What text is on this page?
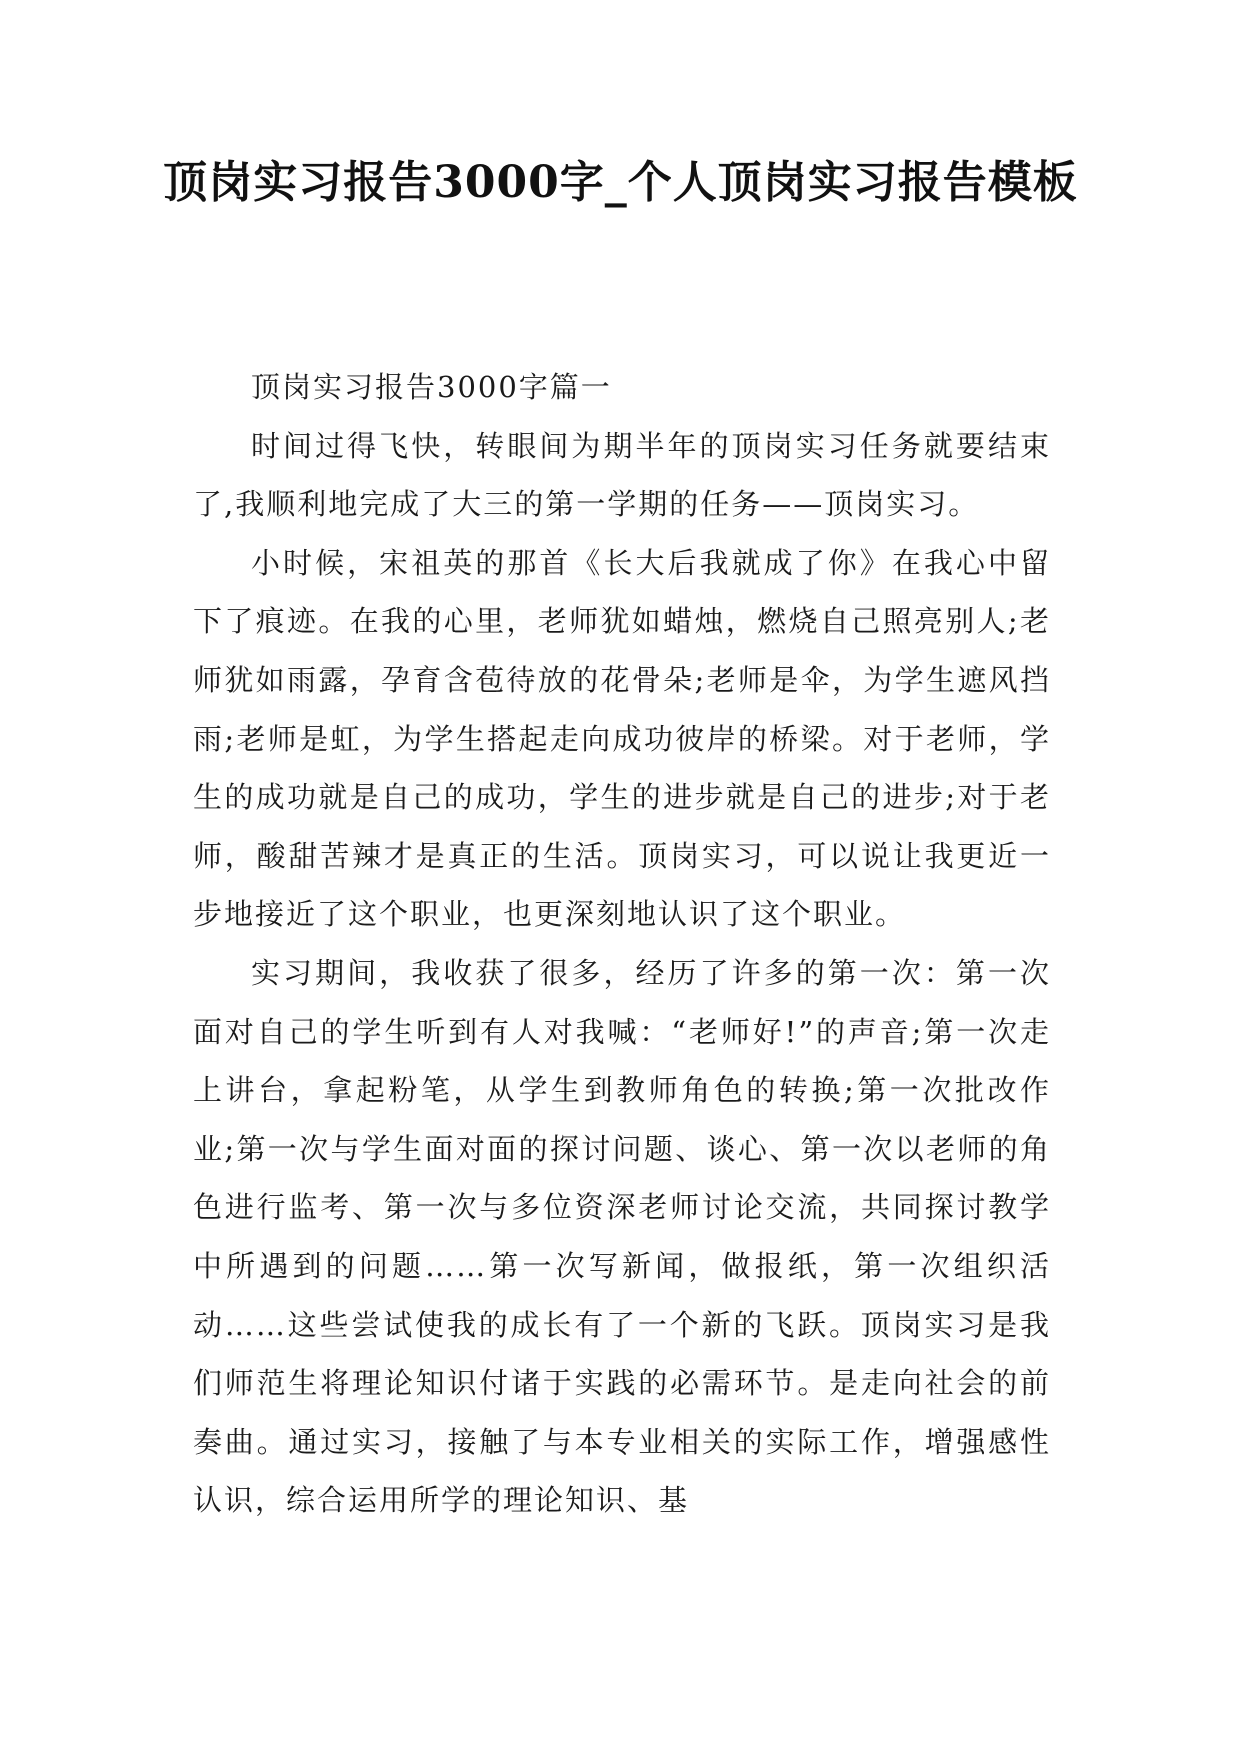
顶岗实习报告3000字_个人顶岗实习报告模板

顶岗实习报告3000字篇一

时间过得飞快，转眼间为期半年的顶岗实习任务就要结束了,我顺利地完成了大三的第一学期的任务——顶岗实习。

小时候，宋祖英的那首《长大后我就成了你》在我心中留下了痕迹。在我的心里，老师犹如蜡烛，燃烧自己照亮别人;老师犹如雨露，孕育含苞待放的花骨朵;老师是伞，为学生遮风挡雨;老师是虹，为学生搭起走向成功彼岸的桥梁。对于老师，学生的成功就是自己的成功，学生的进步就是自己的进步;对于老师，酸甜苦辣才是真正的生活。顶岗实习，可以说让我更近一步地接近了这个职业，也更深刻地认识了这个职业。

实习期间，我收获了很多，经历了许多的第一次：第一次面对自己的学生听到有人对我喊：“老师好!”的声音;第一次走上讲台，拿起粉笔，从学生到教师角色的转换;第一次批改作业;第一次与学生面对面的探讨问题、谈心、第一次以老师的角色进行监考、第一次与多位资深老师讨论交流，共同探讨教学中所遇到的问题……第一次写新闻，做报纸，第一次组织活动……这些尝试使我的成长有了一个新的飞跃。顶岗实习是我们师范生将理论知识付诸于实践的必需环节。是走向社会的前奏曲。通过实习，接触了与本专业相关的实际工作，增强感性认识，综合运用所学的理论知识、基
